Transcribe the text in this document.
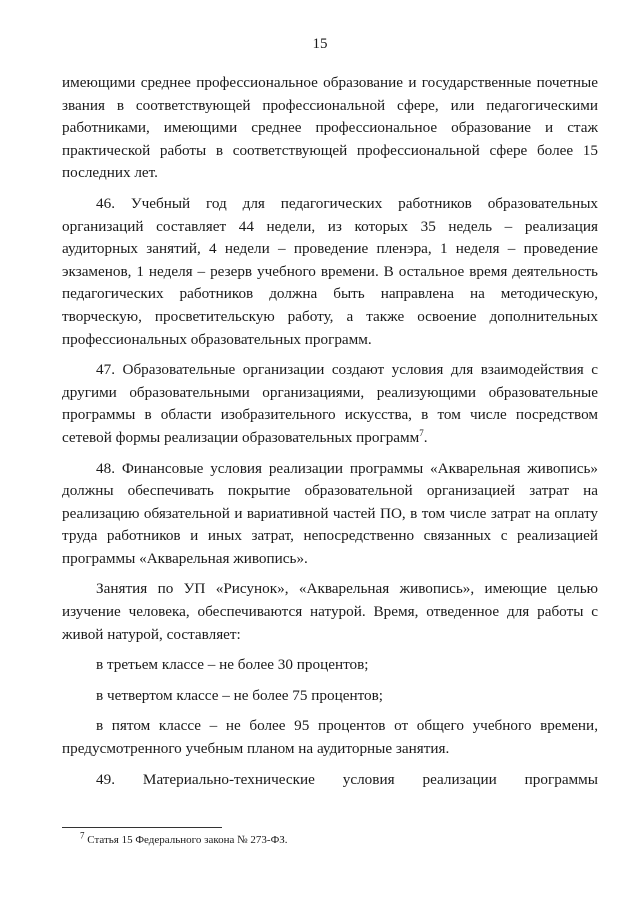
15

имеющими среднее профессиональное образование и государственные почетные звания в соответствующей профессиональной сфере, или педагогическими работниками, имеющими среднее профессиональное образование и стаж практической работы в соответствующей профессиональной сфере более 15 последних лет.

46. Учебный год для педагогических работников образовательных организаций составляет 44 недели, из которых 35 недель – реализация аудиторных занятий, 4 недели – проведение пленэра, 1 неделя – проведение экзаменов, 1 неделя – резерв учебного времени. В остальное время деятельность педагогических работников должна быть направлена на методическую, творческую, просветительскую работу, а также освоение дополнительных профессиональных образовательных программ.

47. Образовательные организации создают условия для взаимодействия с другими образовательными организациями, реализующими образовательные программы в области изобразительного искусства, в том числе посредством сетевой формы реализации образовательных программ$^7$.

48. Финансовые условия реализации программы «Акварельная живопись» должны обеспечивать покрытие образовательной организацией затрат на реализацию обязательной и вариативной частей ПО, в том числе затрат на оплату труда работников и иных затрат, непосредственно связанных с реализацией программы «Акварельная живопись».

Занятия по УП «Рисунок», «Акварельная живопись», имеющие целью изучение человека, обеспечиваются натурой. Время, отведенное для работы с живой натурой, составляет:

в третьем классе – не более 30 процентов;

в четвертом классе – не более 75 процентов;

в пятом классе – не более 95 процентов от общего учебного времени, предусмотренного учебным планом на аудиторные занятия.

49. Материально-технические условия реализации программы

$^7$ Статья 15 Федерального закона № 273-ФЗ.
